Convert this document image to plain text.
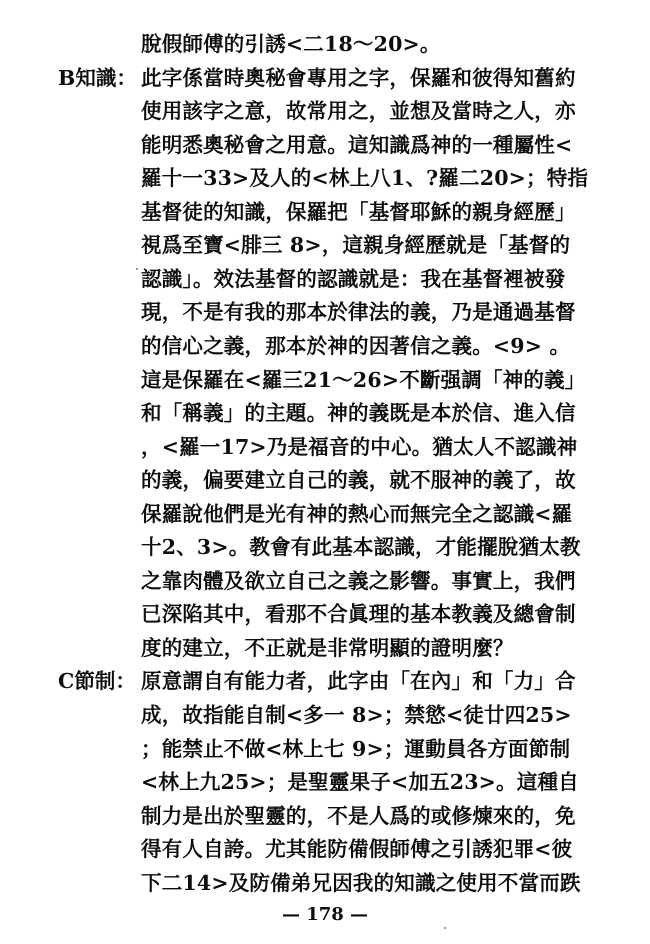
脫假師傅的引誘<二18～20>。
B知識： 此字係當時奧秘會專用之字，保羅和彼得知舊約
使用該字之意，故常用之，並想及當時之人，亦
能明悉奧秘會之用意。這知識爲神的一種屬性<
羅十一33>及人的<林上八1、?羅二20>；特指
基督徒的知識，保羅把「基督耶穌的親身經歷」
視爲至寶<腓三 8>，這親身經歷就是「基督的
認識」。效法基督的認識就是：我在基督裡被發
現，不是有我的那本於律法的義，乃是通過基督
的信心之義，那本於神的因著信之義。<9> 。
這是保羅在<羅三21～26>不斷强調「神的義」
和「稱義」的主題。神的義既是本於信、進入信
，<羅一17>乃是福音的中心。猶太人不認識神
的義，偏要建立自己的義，就不服神的義了，故
保羅說他們是光有神的熱心而無完全之認識<羅
十2、3>。教會有此基本認識，才能擺脫猶太教
之靠肉體及欲立自己之義之影響。事實上，我們
已深陷其中，看那不合眞理的基本教義及總會制
度的建立，不正就是非常明顯的證明麼？
C節制： 原意謂自有能力者，此字由「在內」和「力」合
成，故指能自制<多一 8>；禁慾<徒廿四25>
；能禁止不做<林上七 9>；運動員各方面節制
<林上九25>；是聖靈果子<加五23>。這種自
制力是出於聖靈的，不是人爲的或修煉來的，免
得有人自誇。尤其能防備假師傅之引誘犯罪<彼
下二14>及防備弟兄因我的知識之使用不當而跌
— 178 —
